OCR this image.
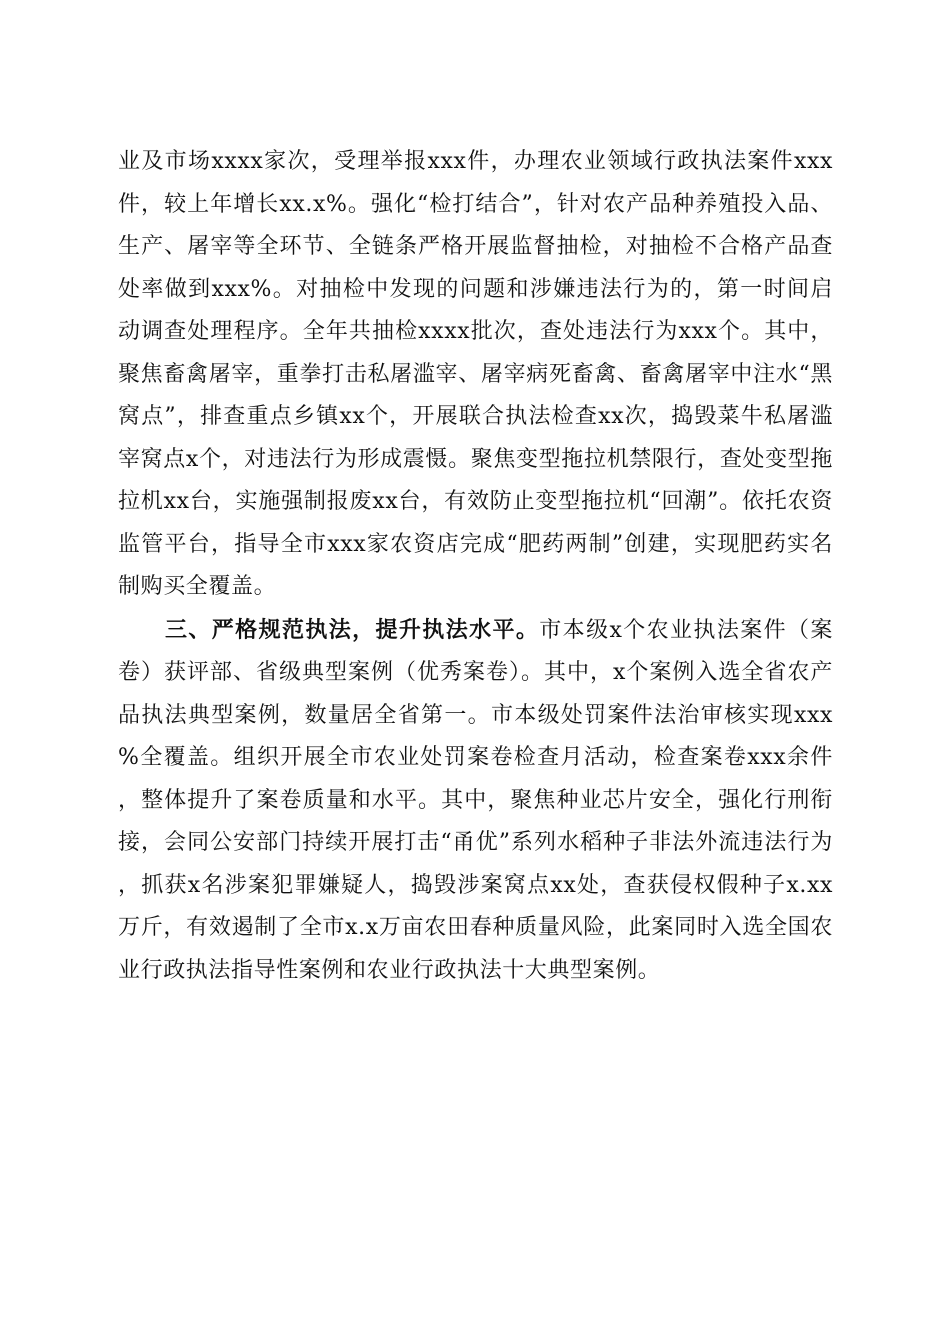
业及市场xxxx家次，受理举报xxx件，办理农业领域行政执法案件xxx件，较上年增长xx.x%。强化“检打结合”，针对农产品种养殖投入品、生产、屠宰等全环节、全链条严格开展监督抽检，对抽检不合格产品查处率做到xxx%。对抽检中发现的问题和涉嫌违法行为的，第一时间启动调查处理程序。全年共抽检xxxx批次，查处违法行为xxx个。其中，聚焦畜禽屠宰，重拳打击私屠滥宰、屠宰病死畜禽、畜禽屠宰中注水“黑窝点”，排查重点乡镇xx个，开展联合执法检查xx次，捣毁菜牛私屠滥宰窝点x个，对违法行为形成震慑。聚焦变型拖拉机禁限行，查处变型拖拉机xx台，实施强制报废xx台，有效防止变型拖拉机“回潮”。依托农资监管平台，指导全市xxx家农资店完成“肥药两制”创建，实现肥药实名制购买全覆盖。

三、严格规范执法，提升执法水平。市本级x个农业执法案件（案卷）获评部、省级典型案例（优秀案卷）。其中，x个案例入选全省农产品执法典型案例，数量居全省第一。市本级处罚案件法治审核实现xxx%全覆盖。组织开展全市农业处罚案卷检查月活动，检查案卷xxx余件，整体提升了案卷质量和水平。其中，聚焦种业芯片安全，强化行刑衔接，会同公安部门持续开展打击“甬优”系列水稻种子非法外流违法行为，抓获x名涉案犯罪嫌疑人，捣毁涉案窝点xx处，查获侵权假种子x.xx万斤，有效遏制了全市x.x万亩农田春种质量风险，此案同时入选全国农业行政执法指导性案例和农业行政执法十大典型案例。
